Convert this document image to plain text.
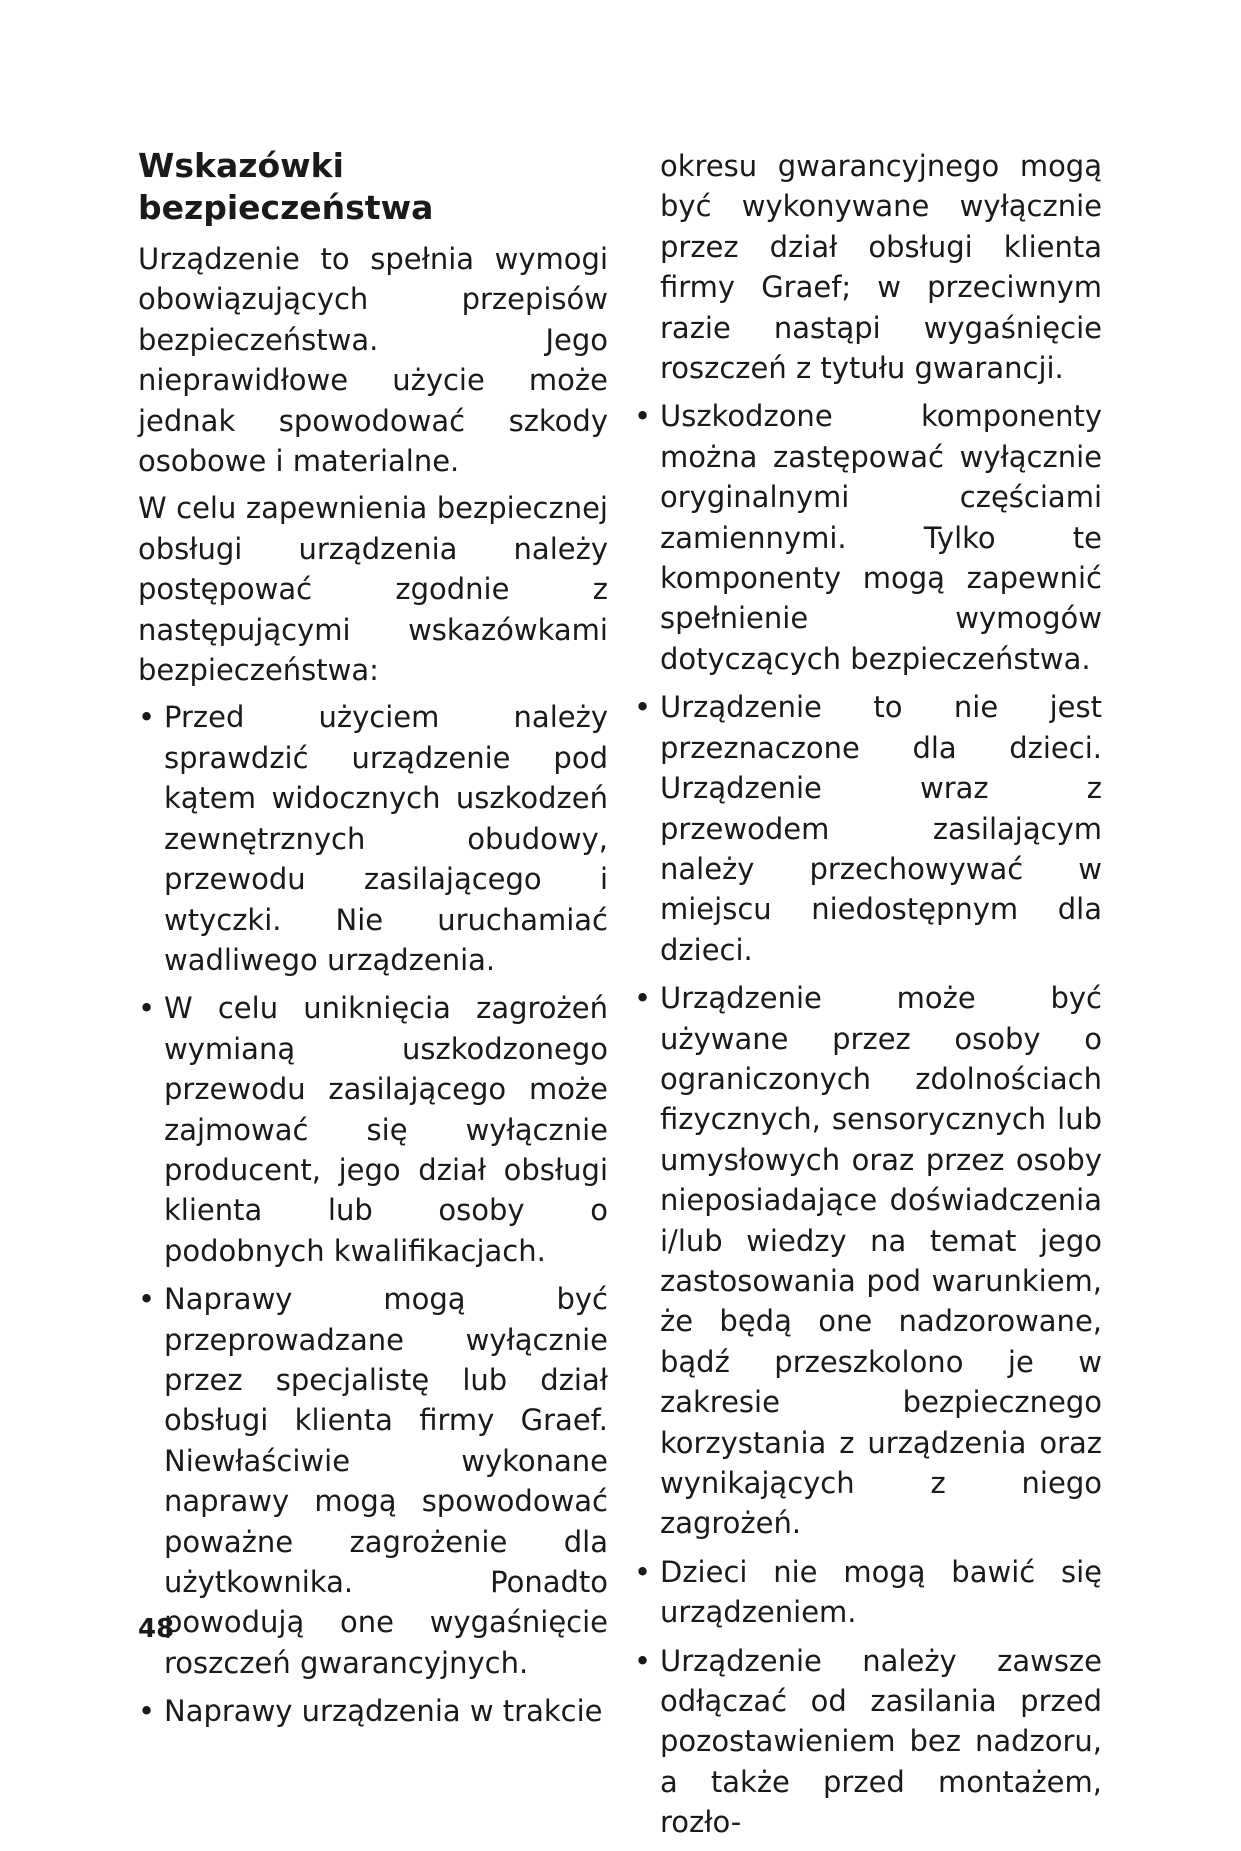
Wskazówki bezpieczeństwa

Urządzenie to spełnia wymogi obowiązujących przepisów bezpieczeństwa. Jego nieprawidłowe użycie może jednak spowodować szkody osobowe i materialne.

W celu zapewnienia bezpiecznej obsługi urządzenia należy postępować zgodnie z następującymi wskazówkami bezpieczeństwa:

• Przed użyciem należy sprawdzić urządzenie pod kątem widocznych uszkodzeń zewnętrznych obudowy, przewodu zasilającego i wtyczki. Nie uruchamiać wadliwego urządzenia.
• W celu uniknięcia zagrożeń wymianą uszkodzonego przewodu zasilającego może zajmować się wyłącznie producent, jego dział obsługi klienta lub osoby o podobnych kwalifikacjach.
• Naprawy mogą być przeprowadzane wyłącznie przez specjalistę lub dział obsługi klienta firmy Graef. Niewłaściwie wykonane naprawy mogą spowodować poważne zagrożenie dla użytkownika. Ponadto powodują one wygaśnięcie roszczeń gwarancyjnych.
• Naprawy urządzenia w trakcie

okresu gwarancyjnego mogą być wykonywane wyłącznie przez dział obsługi klienta firmy Graef; w przeciwnym razie nastąpi wygaśnięcie roszczeń z tytułu gwarancji.

• Uszkodzone komponenty można zastępować wyłącznie oryginalnymi częściami zamiennymi. Tylko te komponenty mogą zapewnić spełnienie wymogów dotyczących bezpieczeństwa.
• Urządzenie to nie jest przeznaczone dla dzieci. Urządzenie wraz z przewodem zasilającym należy przechowywać w miejscu niedostępnym dla dzieci.
• Urządzenie może być używane przez osoby o ograniczonych zdolnościach fizycznych, sensorycznych lub umysłowych oraz przez osoby nieposiadające doświadczenia i/lub wiedzy na temat jego zastosowania pod warunkiem, że będą one nadzorowane, bądź przeszkolono je w zakresie bezpiecznego korzystania z urządzenia oraz wynikających z niego zagrożeń.
• Dzieci nie mogą bawić się urządzeniem.
• Urządzenie należy zawsze odłączać od zasilania przed pozostawieniem bez nadzoru, a także przed montażem, rozło-
48
